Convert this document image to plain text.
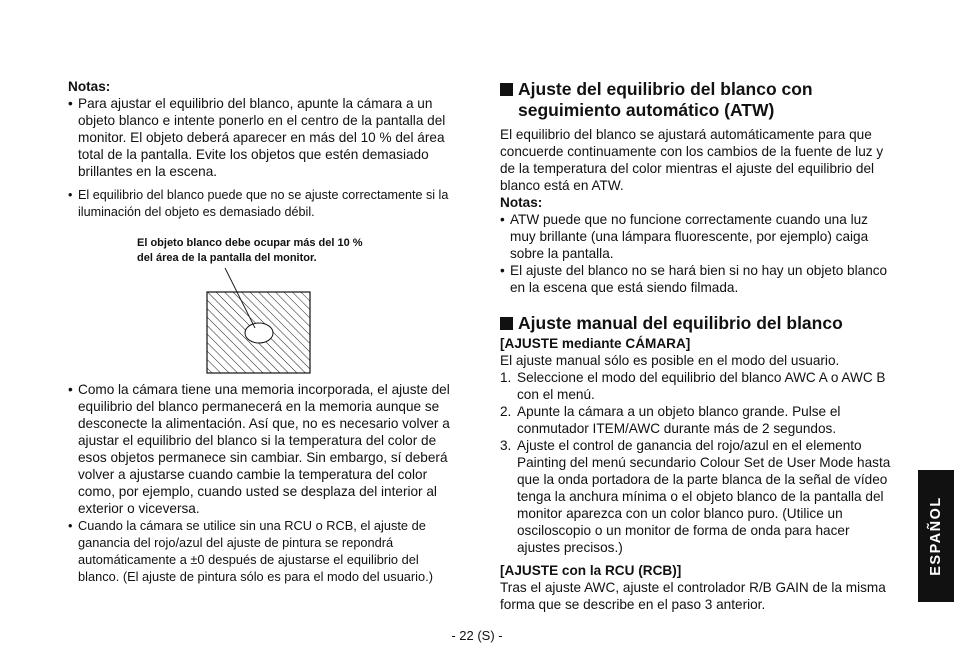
Notas:

• Para ajustar el equilibrio del blanco, apunte la cámara a un objeto blanco e intente ponerlo en el centro de la pantalla del monitor. El objeto deberá aparecer en más del 10 % del área total de la pantalla. Evite los objetos que estén demasiado brillantes en la escena.

• El equilibrio del blanco puede que no se ajuste correctamente si la iluminación del objeto es demasiado débil.

El objeto blanco debe ocupar más del 10 %
del área de la pantalla del monitor.

• Como la cámara tiene una memoria incorporada, el ajuste del equilibrio del blanco permanecerá en la memoria aunque se desconecte la alimentación. Así que, no es necesario volver a ajustar el equilibrio del blanco si la temperatura del color de esos objetos permanece sin cambiar. Sin embargo, sí deberá volver a ajustarse cuando cambie la temperatura del color como, por ejemplo, cuando usted se desplaza del interior al exterior o viceversa.

• Cuando la cámara se utilice sin una RCU o RCB, el ajuste de ganancia del rojo/azul del ajuste de pintura se repondrá automáticamente a ±0 después de ajustarse el equilibrio del blanco. (El ajuste de pintura sólo es para el modo del usuario.)

Ajuste del equilibrio del blanco con
seguimiento automático (ATW)

El equilibrio del blanco se ajustará automáticamente para que concuerde continuamente con los cambios de la fuente de luz y de la temperatura del color mientras el ajuste del equilibrio del blanco está en ATW.
Notas:

• ATW puede que no funcione correctamente cuando una luz muy brillante (una lámpara fluorescente, por ejemplo) caiga sobre la pantalla.

• El ajuste del blanco no se hará bien si no hay un objeto blanco en la escena que está siendo filmada.

Ajuste manual del equilibrio del blanco

[AJUSTE mediante CÁMARA]
El ajuste manual sólo es posible en el modo del usuario.
1. Seleccione el modo del equilibrio del blanco AWC A o AWC B con el menú.
2. Apunte la cámara a un objeto blanco grande. Pulse el conmutador ITEM/AWC durante más de 2 segundos.
3. Ajuste el control de ganancia del rojo/azul en el elemento Painting del menú secundario Colour Set de User Mode hasta que la onda portadora de la parte blanca de la señal de vídeo tenga la anchura mínima o el objeto blanco de la pantalla del monitor aparezca con un color blanco puro. (Utilice un osciloscopio o un monitor de forma de onda para hacer ajustes precisos.)
[AJUSTE con la RCU (RCB)]
Tras el ajuste AWC, ajuste el controlador R/B GAIN de la misma forma que se describe en el paso 3 anterior.
- 22 (S) -
ESPAÑOL
